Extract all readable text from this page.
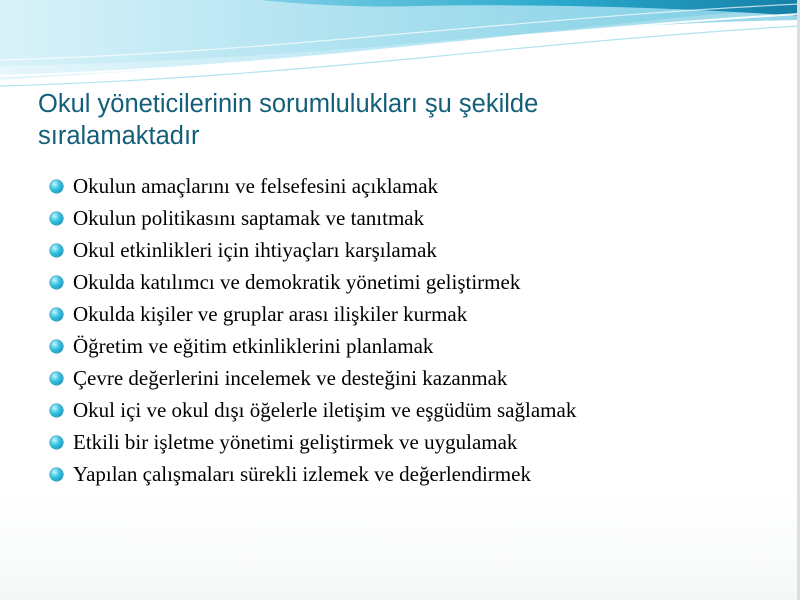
Okul yöneticilerinin sorumlulukları şu şekilde
sıralamaktadır
Okulun amaçlarını ve felsefesini açıklamak
Okulun politikasını saptamak ve tanıtmak
Okul etkinlikleri için ihtiyaçları karşılamak
Okulda katılımcı ve demokratik yönetimi geliştirmek
Okulda kişiler ve gruplar arası ilişkiler kurmak
Öğretim ve eğitim etkinliklerini planlamak
Çevre değerlerini incelemek ve desteğini kazanmak
Okul içi ve okul dışı öğelerle iletişim ve eşgüdüm sağlamak
Etkili bir işletme yönetimi geliştirmek ve uygulamak
Yapılan çalışmaları sürekli izlemek ve değerlendirmek
